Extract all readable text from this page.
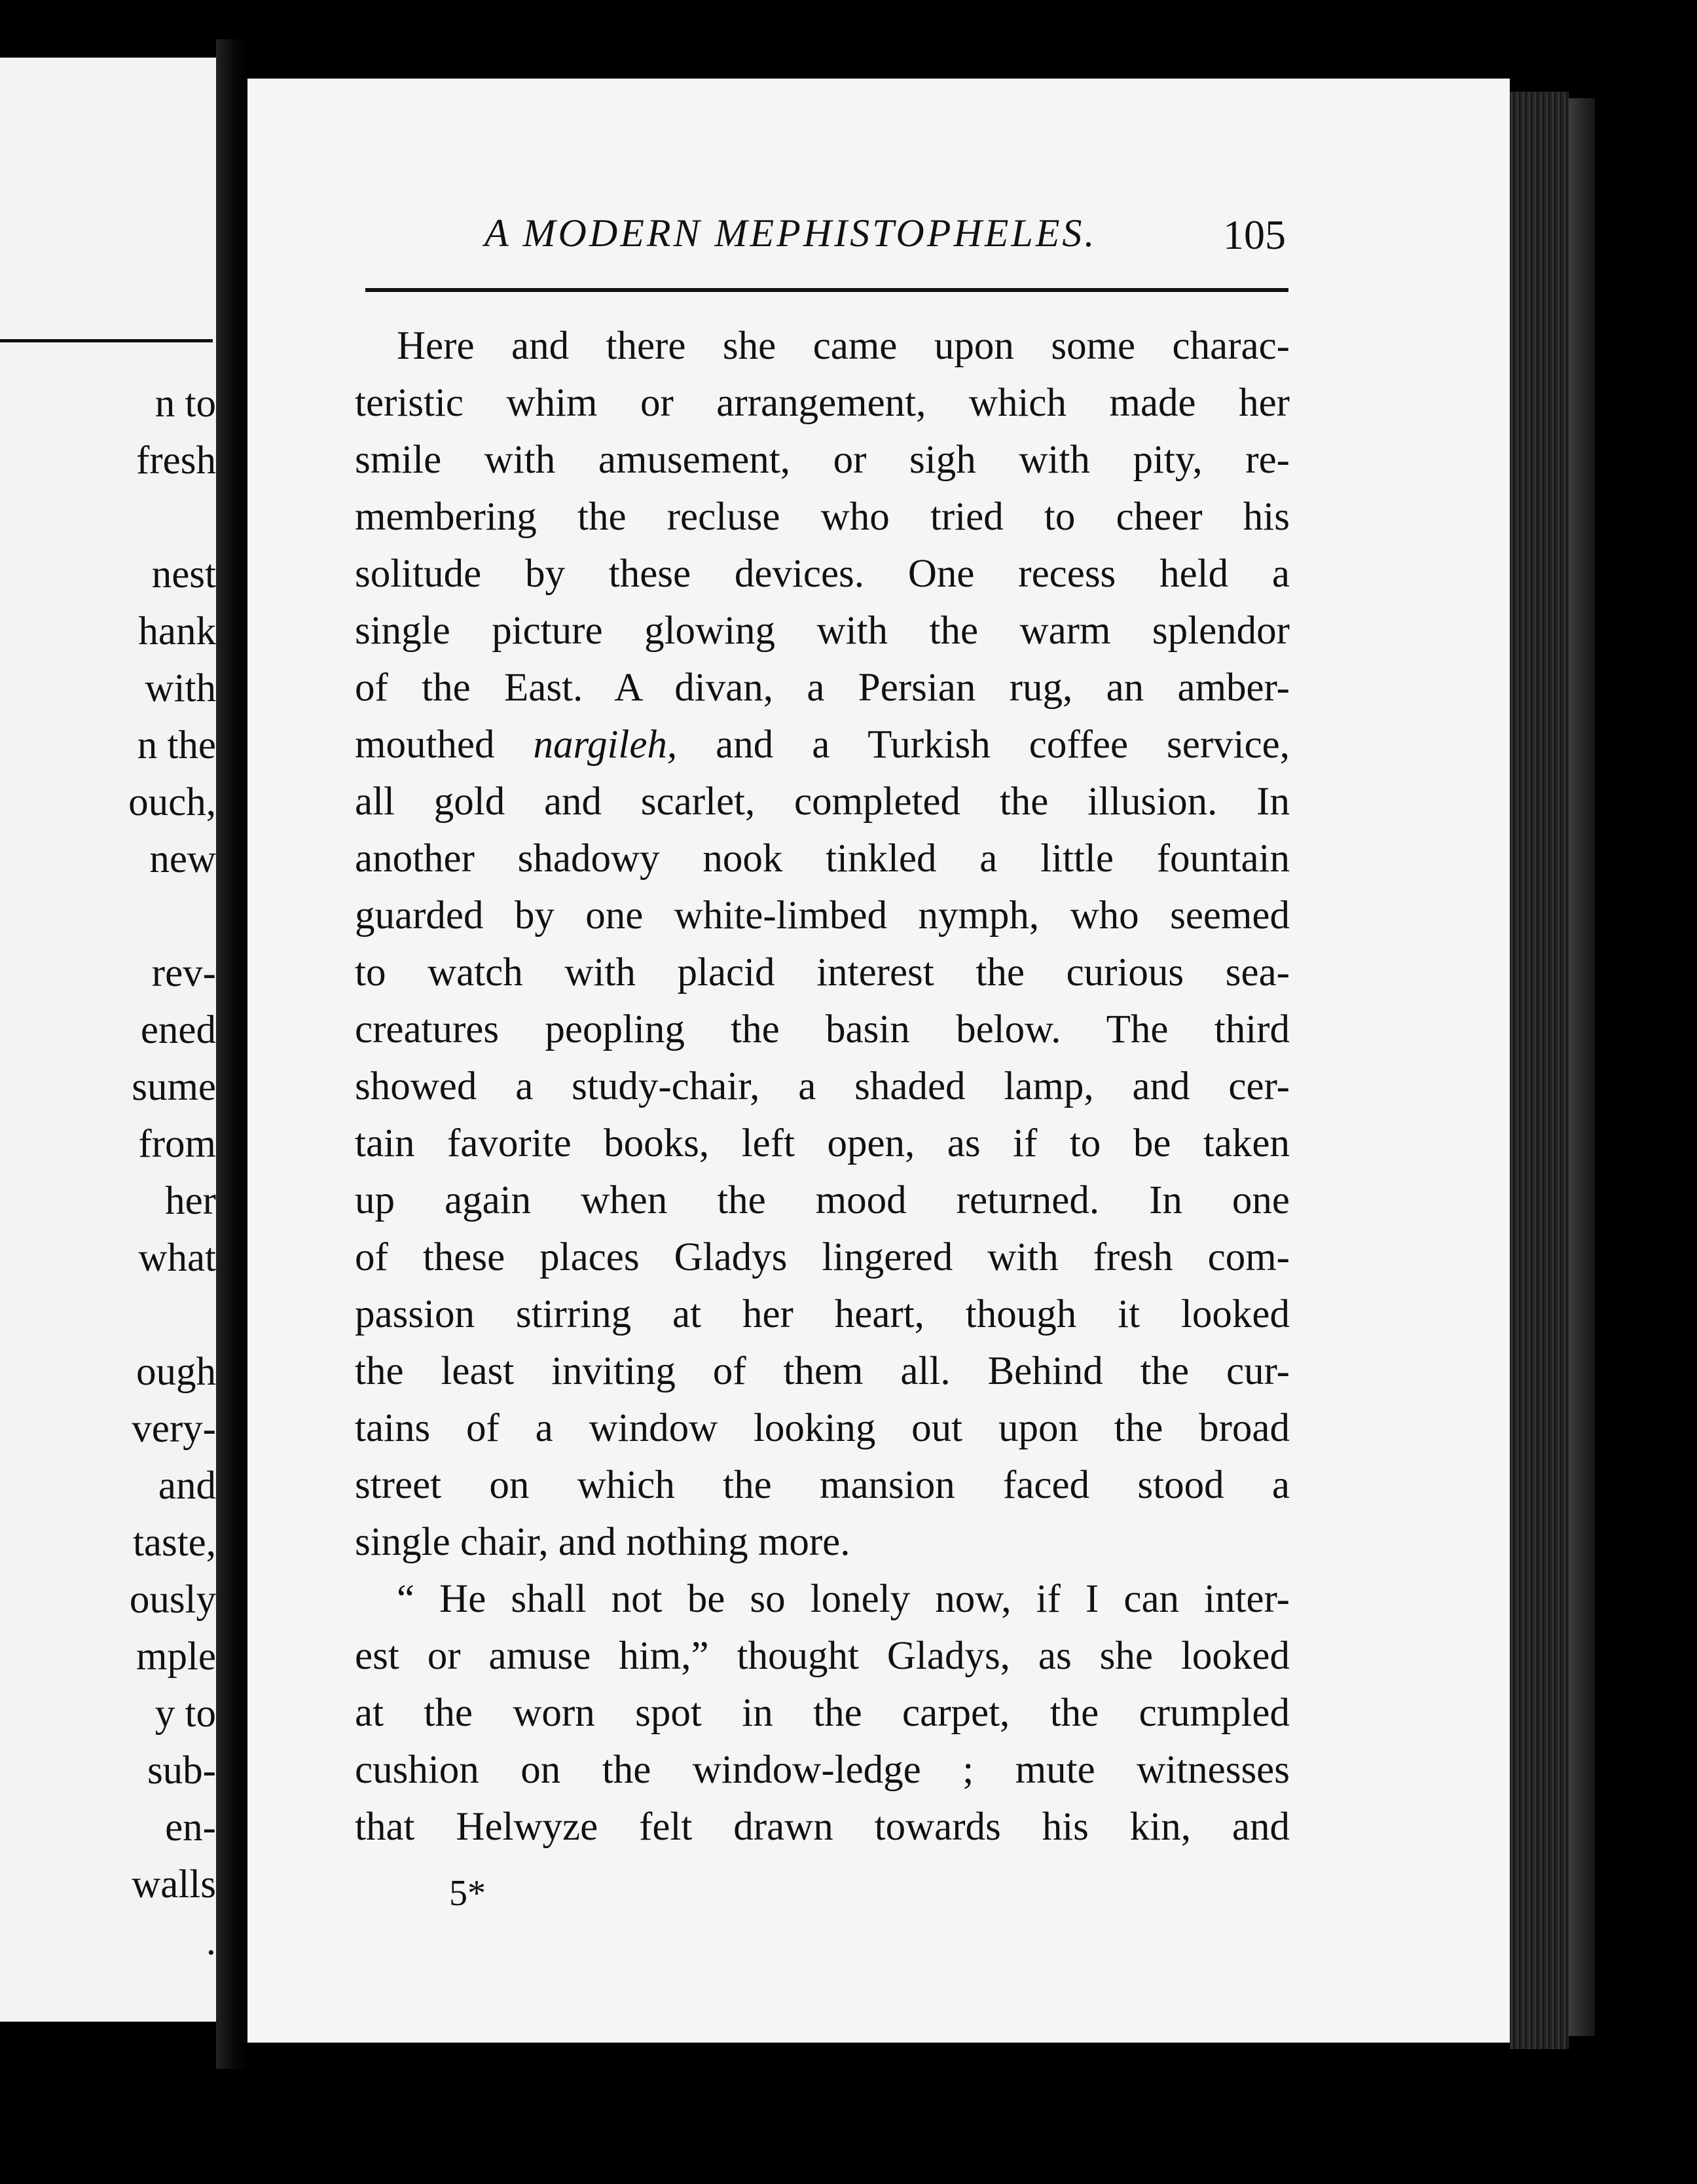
n to
fresh
nest
hank
with
n the
ouch,
new
rev-
ened
sume
from
her
what
ough
very-
and
taste,
ously
mple
y to
sub-
en-
walls
.
A MODERN MEPHISTOPHELES.	105
Here and there she came upon some charac-
teristic whim or arrangement, which made her
smile with amusement, or sigh with pity, re-
membering the recluse who tried to cheer his
solitude by these devices. One recess held a
single picture glowing with the warm splendor
of the East. A divan, a Persian rug, an amber-
mouthed nargileh, and a Turkish coffee service,
all gold and scarlet, completed the illusion. In
another shadowy nook tinkled a little fountain
guarded by one white-limbed nymph, who seemed
to watch with placid interest the curious sea-
creatures peopling the basin below. The third
showed a study-chair, a shaded lamp, and cer-
tain favorite books, left open, as if to be taken
up again when the mood returned. In one
of these places Gladys lingered with fresh com-
passion stirring at her heart, though it looked
the least inviting of them all. Behind the cur-
tains of a window looking out upon the broad
street on which the mansion faced stood a
single chair, and nothing more.
“ He shall not be so lonely now, if I can inter-
est or amuse him,” thought Gladys, as she looked
at the worn spot in the carpet, the crumpled
cushion on the window-ledge ; mute witnesses
that Helwyze felt drawn towards his kin, and
5*
